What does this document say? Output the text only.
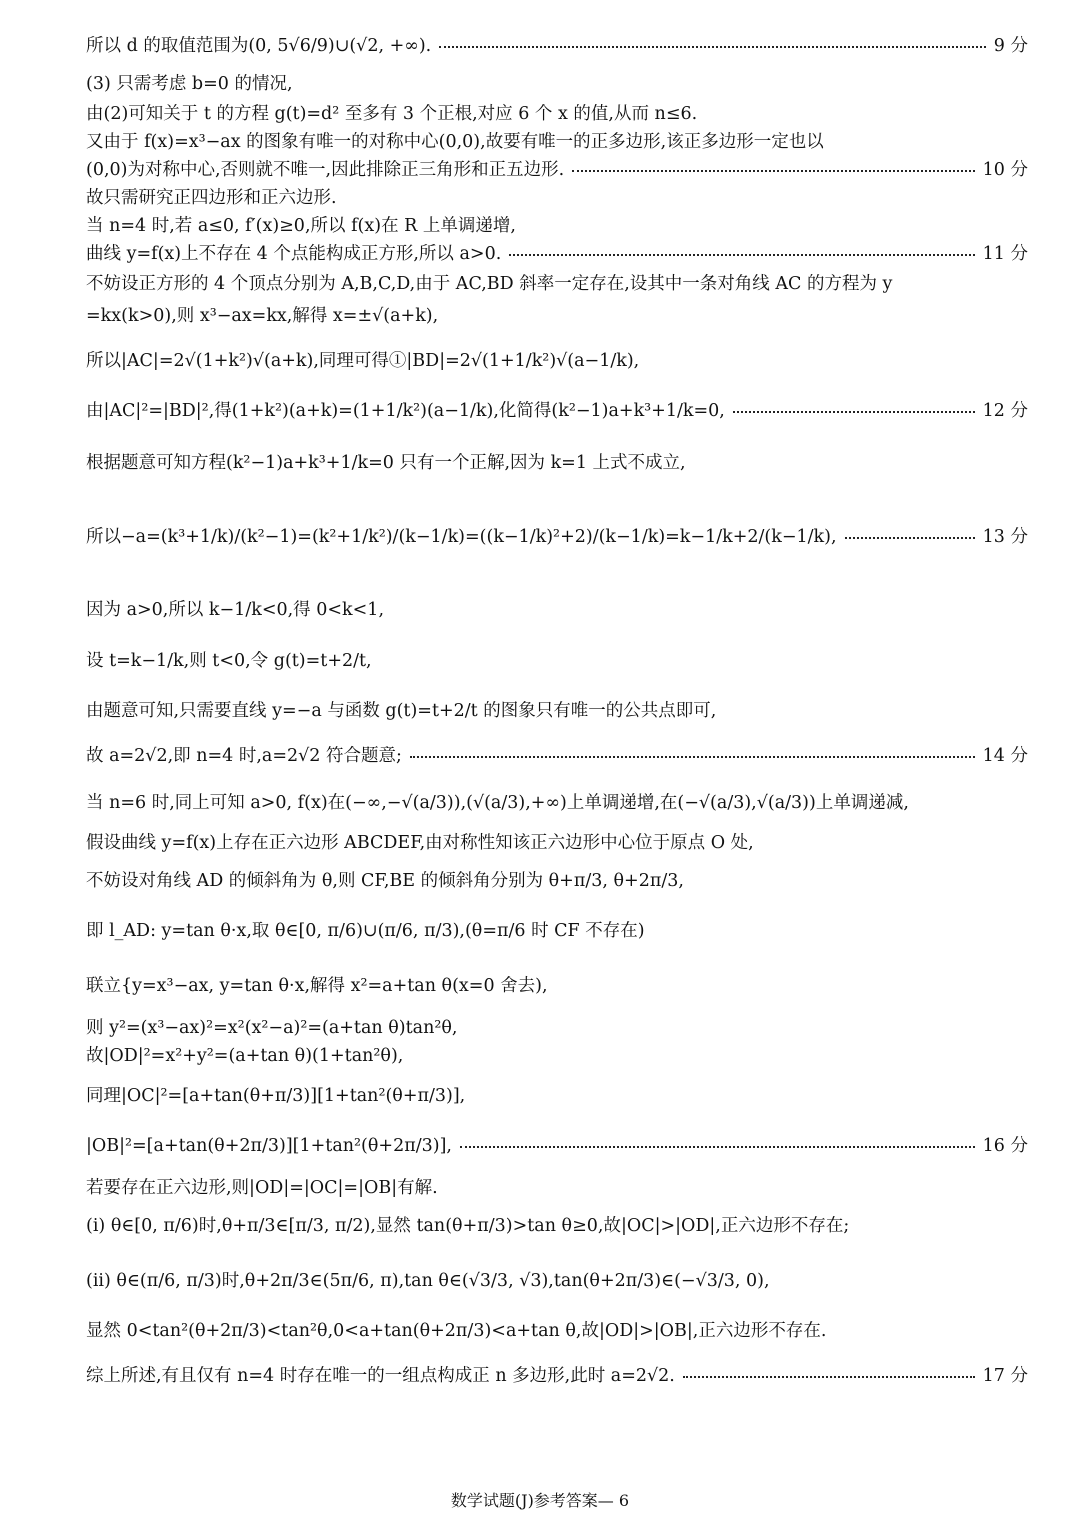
所以 d 的取值范围为(0, 5√6/9)∪(√2, +∞).	9 分
(3) 只需考虑 b=0 的情况,
由(2)可知关于 t 的方程 g(t)=d² 至多有 3 个正根,对应 6 个 x 的值,从而 n≤6.
又由于 f(x)=x³−ax 的图象有唯一的对称中心(0,0),故要有唯一的正多边形,该正多边形一定也以
(0,0)为对称中心,否则就不唯一,因此排除正三角形和正五边形.	10 分
故只需研究正四边形和正六边形.
当 n=4 时,若 a≤0, f′(x)≥0,所以 f(x)在 R 上单调递增,
曲线 y=f(x)上不存在 4 个点能构成正方形,所以 a>0.	11 分
不妨设正方形的 4 个顶点分别为 A,B,C,D,由于 AC,BD 斜率一定存在,设其中一条对角线 AC 的方程为 y
=kx(k>0),则 x³−ax=kx,解得 x=±√(a+k),
所以|AC|=2√(1+k²)√(a+k),同理可得①|BD|=2√(1+1/k²)√(a−1/k),
由|AC|²=|BD|²,得(1+k²)(a+k)=(1+1/k²)(a−1/k),化简得(k²−1)a+k³+1/k=0,	12 分
根据题意可知方程(k²−1)a+k³+1/k=0 只有一个正解,因为 k=1 上式不成立,
所以−a=(k³+1/k)/(k²−1)=(k²+1/k²)/(k−1/k)=((k−1/k)²+2)/(k−1/k)=k−1/k+2/(k−1/k),	13 分
因为 a>0,所以 k−1/k<0,得 0<k<1,
设 t=k−1/k,则 t<0,令 g(t)=t+2/t,
由题意可知,只需要直线 y=−a 与函数 g(t)=t+2/t 的图象只有唯一的公共点即可,
故 a=2√2,即 n=4 时,a=2√2 符合题意;	14 分
当 n=6 时,同上可知 a>0, f(x)在(−∞,−√(a/3)),(√(a/3),+∞)上单调递增,在(−√(a/3),√(a/3))上单调递减,
假设曲线 y=f(x)上存在正六边形 ABCDEF,由对称性知该正六边形中心位于原点 O 处,
不妨设对角线 AD 的倾斜角为 θ,则 CF,BE 的倾斜角分别为 θ+π/3, θ+2π/3,
即 l_AD: y=tan θ·x,取 θ∈[0, π/6)∪(π/6, π/3),(θ=π/6 时 CF 不存在)
联立{y=x³−ax, y=tan θ·x,解得 x²=a+tan θ(x=0 舍去),
则 y²=(x³−ax)²=x²(x²−a)²=(a+tan θ)tan²θ,
故|OD|²=x²+y²=(a+tan θ)(1+tan²θ),
同理|OC|²=[a+tan(θ+π/3)][1+tan²(θ+π/3)],
|OB|²=[a+tan(θ+2π/3)][1+tan²(θ+2π/3)],	16 分
若要存在正六边形,则|OD|=|OC|=|OB|有解.
(i) θ∈[0, π/6)时,θ+π/3∈[π/3, π/2),显然 tan(θ+π/3)>tan θ≥0,故|OC|>|OD|,正六边形不存在;
(ii) θ∈(π/6, π/3)时,θ+2π/3∈(5π/6, π),tan θ∈(√3/3, √3),tan(θ+2π/3)∈(−√3/3, 0),
显然 0<tan²(θ+2π/3)<tan²θ,0<a+tan(θ+2π/3)<a+tan θ,故|OD|>|OB|,正六边形不存在.
综上所述,有且仅有 n=4 时存在唯一的一组点构成正 n 多边形,此时 a=2√2.	17 分
数学试题(J)参考答案— 6
